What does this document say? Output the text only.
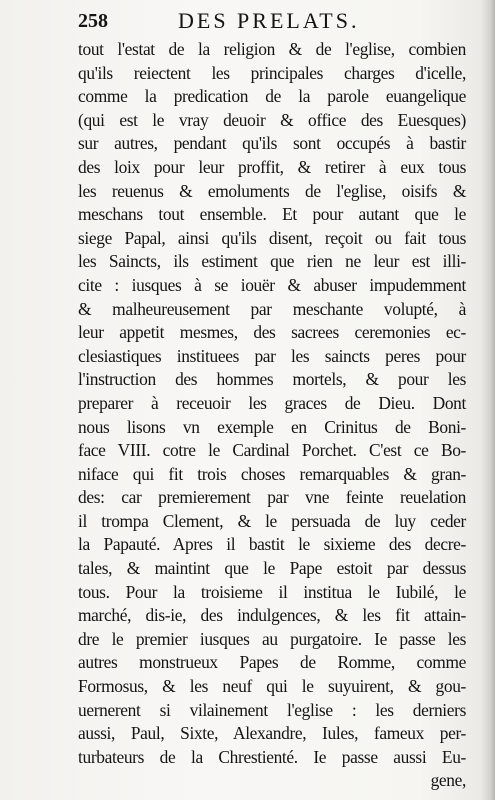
258	DES PRELATS.
tout l'estat de la religion & de l'eglise, combien
qu'ils reiectent les principales charges d'icelle,
comme la predication de la parole euangelique
(qui est le vray deuoir & office des Euesques)
sur autres, pendant qu'ils sont occupés à bastir
des loix pour leur proffit, & retirer à eux tous
les reuenus & emoluments de l'eglise, oisifs &
meschans tout ensemble. Et pour autant que le
siege Papal, ainsi qu'ils disent, reçoit ou fait tous
les Saincts, ils estiment que rien ne leur est illi-
cite : iusques à se iouër & abuser impudemment
& malheureusement par meschante volupté, à
leur appetit mesmes, des sacrees ceremonies ec-
clesiastiques instituees par les saincts peres pour
l'instruction des hommes mortels, & pour les
preparer à receuoir les graces de Dieu. Dont
nous lisons vn exemple en Crinitus de Boni-
face VIII. cotre le Cardinal Porchet. C'est ce Bo-
niface qui fit trois choses remarquables & gran-
des: car premierement par vne feinte reuelation
il trompa Clement, & le persuada de luy ceder
la Papauté. Apres il bastit le sixieme des decre-
tales, & maintint que le Pape estoit par dessus
tous. Pour la troisieme il institua le Iubilé, le
marché, dis-ie, des indulgences, & les fit attain-
dre le premier iusques au purgatoire. Ie passe les
autres monstrueux Papes de Romme, comme
Formosus, & les neuf qui le suyuirent, & gou-
uernerent si vilainement l'eglise : les derniers
aussi, Paul, Sixte, Alexandre, Iules, fameux per-
turbateurs de la Chrestienté. Ie passe aussi Eu-
gene,
